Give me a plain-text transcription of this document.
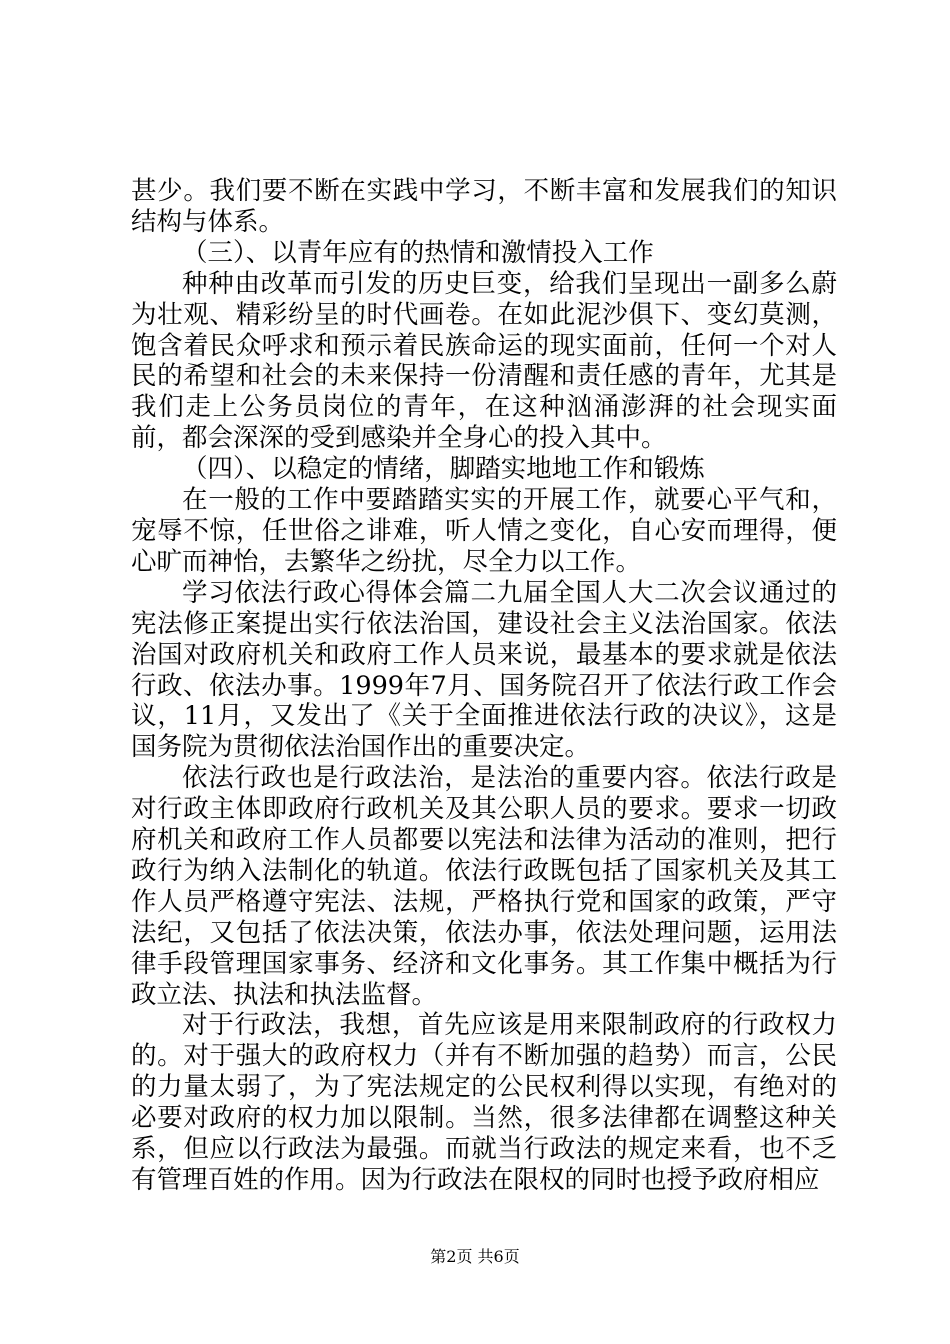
甚少。我们要不断在实践中学习，不断丰富和发展我们的知识结构与体系。

（三）、以青年应有的热情和激情投入工作

种种由改革而引发的历史巨变，给我们呈现出一副多么蔚为壮观、精彩纷呈的时代画卷。在如此泥沙俱下、变幻莫测，饱含着民众呼求和预示着民族命运的现实面前，任何一个对人民的希望和社会的未来保持一份清醒和责任感的青年，尤其是我们走上公务员岗位的青年，在这种汹涌澎湃的社会现实面前，都会深深的受到感染并全身心的投入其中。

（四）、以稳定的情绪，脚踏实地地工作和锻炼

在一般的工作中要踏踏实实的开展工作，就要心平气和，宠辱不惊，任世俗之诽难，听人情之变化，自心安而理得，便心旷而神怡，去繁华之纷扰，尽全力以工作。

学习依法行政心得体会篇二九届全国人大二次会议通过的宪法修正案提出实行依法治国，建设社会主义法治国家。依法治国对政府机关和政府工作人员来说，最基本的要求就是依法行政、依法办事。1999年7月、国务院召开了依法行政工作会议，11月，又发出了《关于全面推进依法行政的决议》，这是国务院为贯彻依法治国作出的重要决定。

依法行政也是行政法治，是法治的重要内容。依法行政是对行政主体即政府行政机关及其公职人员的要求。要求一切政府机关和政府工作人员都要以宪法和法律为活动的准则，把行政行为纳入法制化的轨道。依法行政既包括了国家机关及其工作人员严格遵守宪法、法规，严格执行党和国家的政策，严守法纪，又包括了依法决策，依法办事，依法处理问题，运用法律手段管理国家事务、经济和文化事务。其工作集中概括为行政立法、执法和执法监督。

对于行政法，我想，首先应该是用来限制政府的行政权力的。对于强大的政府权力（并有不断加强的趋势）而言，公民的力量太弱了，为了宪法规定的公民权利得以实现，有绝对的必要对政府的权力加以限制。当然，很多法律都在调整这种关系，但应以行政法为最强。而就当行政法的规定来看，也不乏有管理百姓的作用。因为行政法在限权的同时也授予政府相应

第2页 共6页
